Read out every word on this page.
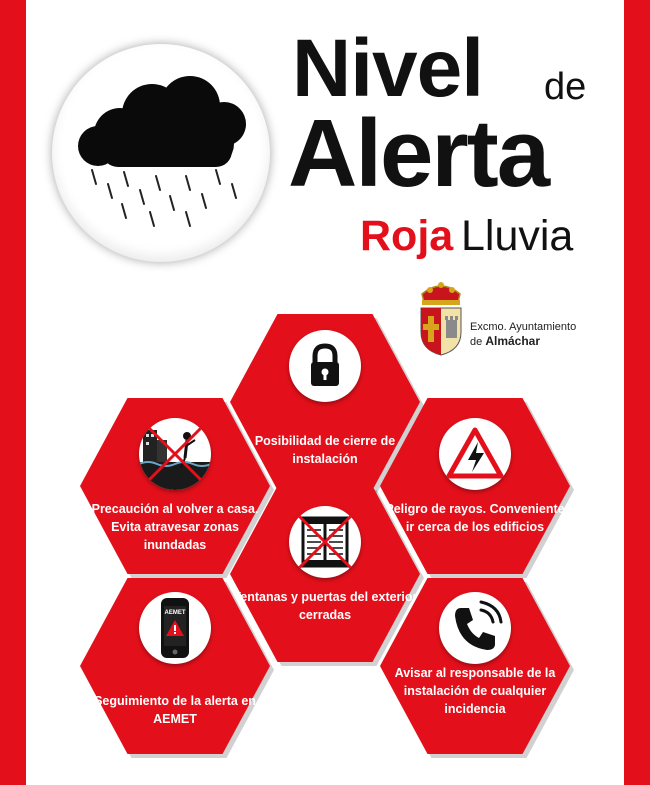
Nivel de
Alerta
Roja Lluvia
Excmo. Ayuntamiento
de Almáchar
Posibilidad de cierre de instalación
Precaución al volver a casa. Evita atravesar zonas inundadas
Peligro de rayos. Conveniente ir cerca de los edificios
Ventanas y puertas del exterior cerradas
AEMET
Seguimiento de la alerta en AEMET
Avisar al responsable de la instalación de cualquier incidencia
